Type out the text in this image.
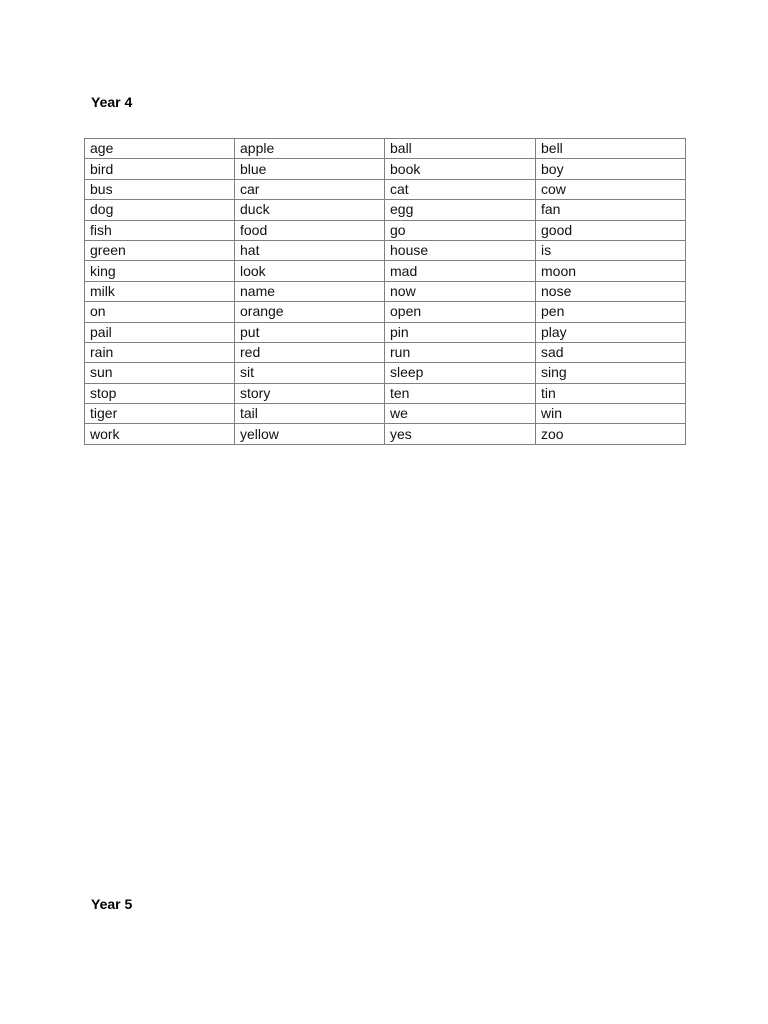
Year 4
age	apple	ball	bell
bird	blue	book	boy
bus	car	cat	cow
dog	duck	egg	fan
fish	food	go	good
green	hat	house	is
king	look	mad	moon
milk	name	now	nose
on	orange	open	pen
pail	put	pin	play
rain	red	run	sad
sun	sit	sleep	sing
stop	story	ten	tin
tiger	tail	we	win
work	yellow	yes	zoo
Year 5
